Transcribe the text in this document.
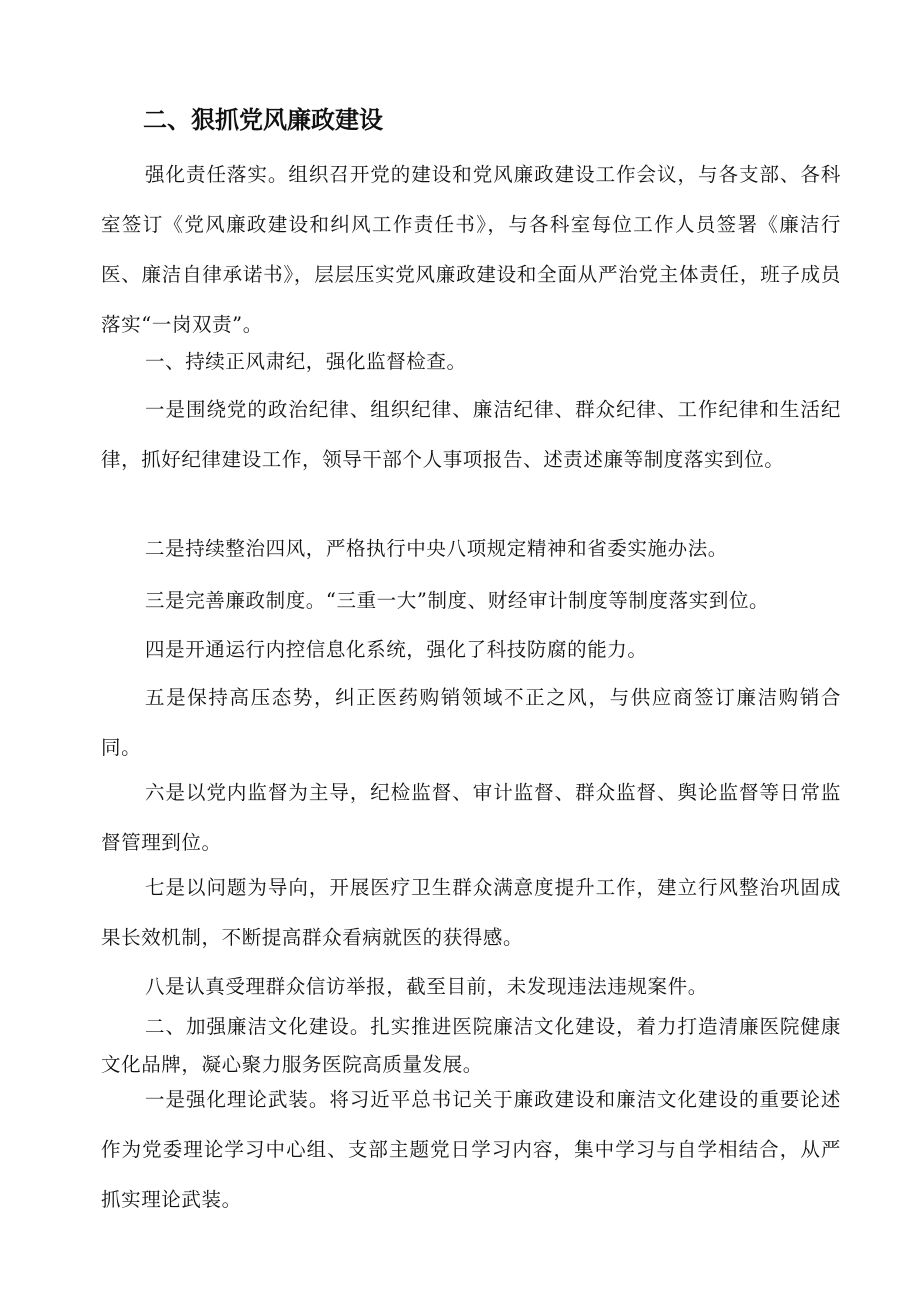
二、狠抓党风廉政建设

强化责任落实。组织召开党的建设和党风廉政建设工作会议，与各支部、各科室签订《党风廉政建设和纠风工作责任书》，与各科室每位工作人员签署《廉洁行医、廉洁自律承诺书》，层层压实党风廉政建设和全面从严治党主体责任，班子成员落实“一岗双责”。

一、持续正风肃纪，强化监督检查。

一是围绕党的政治纪律、组织纪律、廉洁纪律、群众纪律、工作纪律和生活纪律，抓好纪律建设工作，领导干部个人事项报告、述责述廉等制度落实到位。

二是持续整治四风，严格执行中央八项规定精神和省委实施办法。

三是完善廉政制度。“三重一大”制度、财经审计制度等制度落实到位。

四是开通运行内控信息化系统，强化了科技防腐的能力。

五是保持高压态势，纠正医药购销领域不正之风，与供应商签订廉洁购销合同。

六是以党内监督为主导，纪检监督、审计监督、群众监督、舆论监督等日常监督管理到位。

七是以问题为导向，开展医疗卫生群众满意度提升工作，建立行风整治巩固成果长效机制，不断提高群众看病就医的获得感。

八是认真受理群众信访举报，截至目前，未发现违法违规案件。

二、加强廉洁文化建设。扎实推进医院廉洁文化建设，着力打造清廉医院健康文化品牌，凝心聚力服务医院高质量发展。

一是强化理论武装。将习近平总书记关于廉政建设和廉洁文化建设的重要论述作为党委理论学习中心组、支部主题党日学习内容，集中学习与自学相结合，从严抓实理论武装。
